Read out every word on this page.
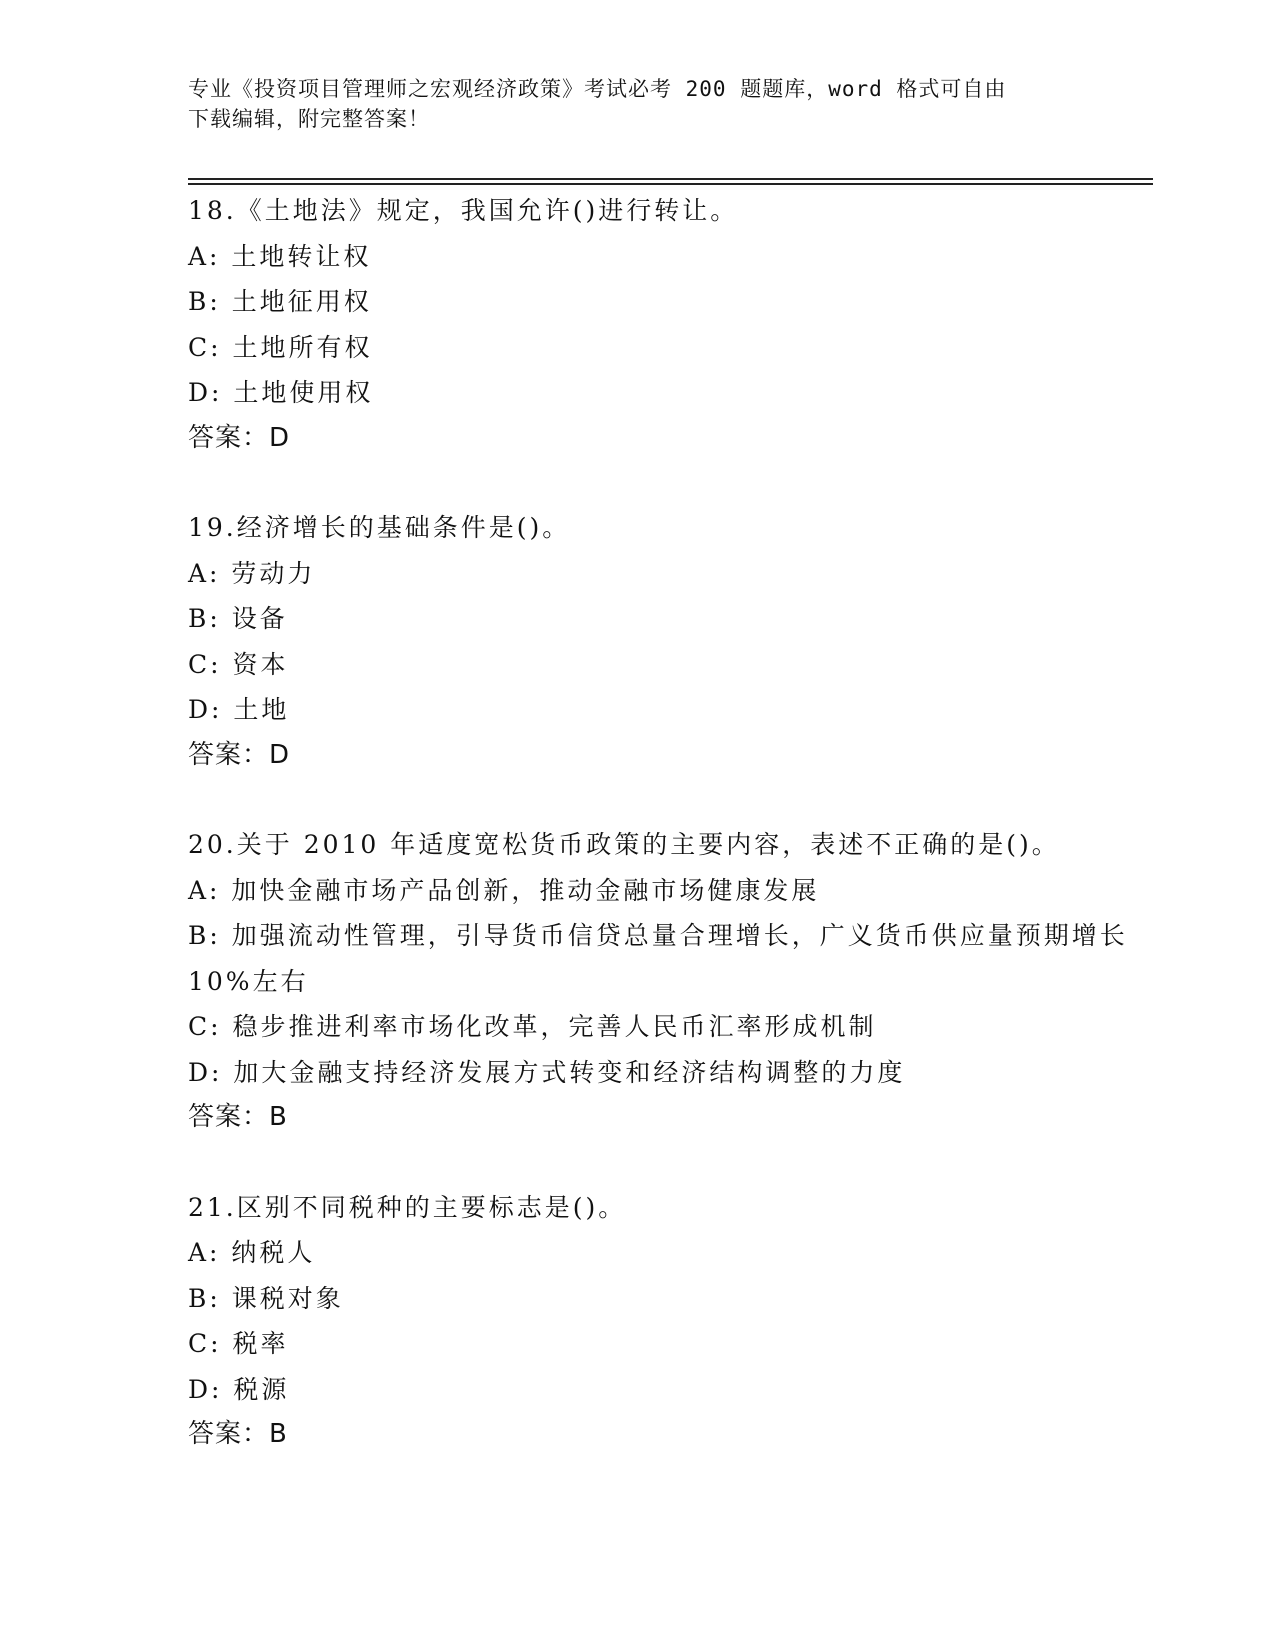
专业《投资项目管理师之宏观经济政策》考试必考 200 题题库，word 格式可自由
下载编辑，附完整答案！
18.《土地法》规定，我国允许()进行转让。
A: 土地转让权
B: 土地征用权
C: 土地所有权
D: 土地使用权
答案：D
19.经济增长的基础条件是()。
A: 劳动力
B: 设备
C: 资本
D: 土地
答案：D
20.关于 2010 年适度宽松货币政策的主要内容，表述不正确的是()。
A: 加快金融市场产品创新，推动金融市场健康发展
B: 加强流动性管理，引导货币信贷总量合理增长，广义货币供应量预期增长 10%左右
C: 稳步推进利率市场化改革，完善人民币汇率形成机制
D: 加大金融支持经济发展方式转变和经济结构调整的力度
答案：B
21.区别不同税种的主要标志是()。
A: 纳税人
B: 课税对象
C: 税率
D: 税源
答案：B
